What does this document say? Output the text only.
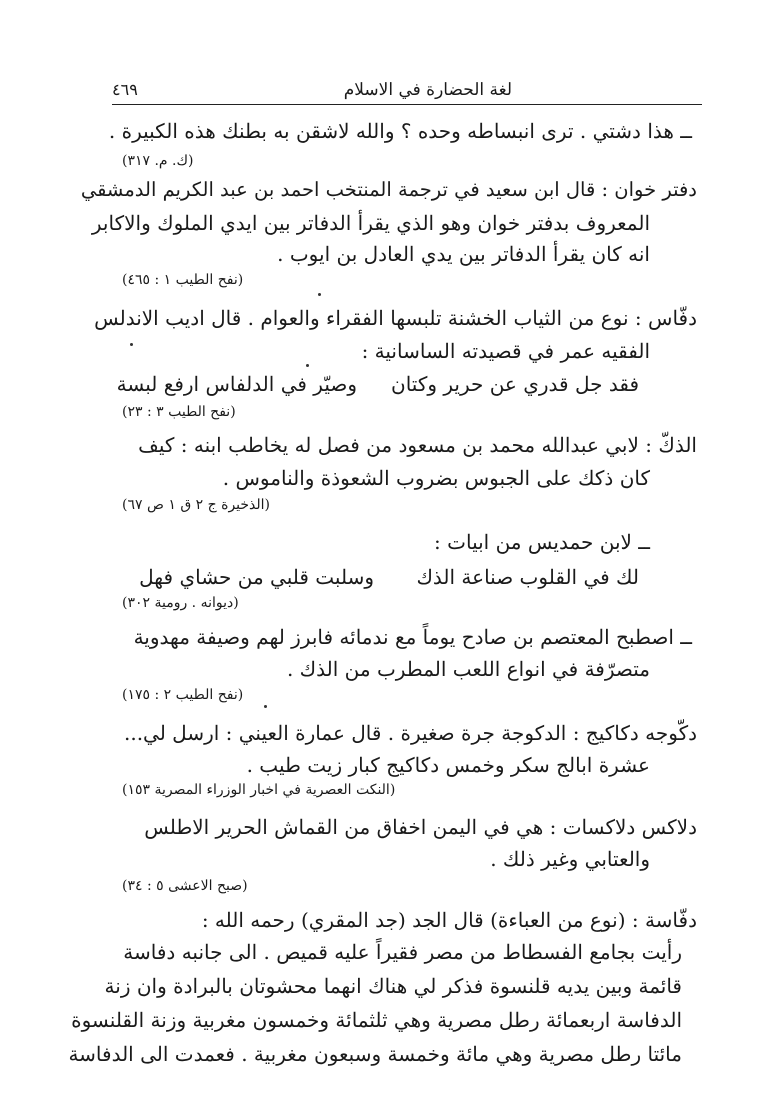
لغة الحضارة في الاسلام
٤٦٩
ــ هذا دشتي . ترى انبساطه وحده ؟ والله لاشقن به بطنك هذه الكبيرة .
(ك. م. ٣١٧)
دفتر خوان : قال ابن سعيد في ترجمة المنتخب احمد بن عبد الكريم الدمشقي
المعروف بدفتر خوان وهو الذي يقرأ الدفاتر بين ايدي الملوك والاكابر
انه كان يقرأ الدفاتر بين يدي العادل بن ايوب .
(نفح الطيب ١ : ٤٦٥)
دفّاس : نوع من الثياب الخشنة تلبسها الفقراء والعوام . قال اديب الاندلس
الفقيه عمر في قصيدته الساسانية :
وصيّر في الدلفاس ارفع لبسة فقد جل قدري عن حرير وكتان
(نفح الطيب ٣ : ٢٣)
الذكّ : لابي عبدالله محمد بن مسعود من فصل له يخاطب ابنه : كيف
كان ذكك على الجبوس بضروب الشعوذة والناموس .
(الذخيرة ج ٢ ق ١ ص ٦٧)
ــ لابن حمديس من ابيات :
وسلبت قلبي من حشاي فهل لك في القلوب صناعة الذك
(ديوانه . رومية ٣٠٢)
ــ اصطبح المعتصم بن صادح يوماً مع ندمائه فابرز لهم وصيفة مهدوية
متصرّفة في انواع اللعب المطرب من الذك .
(نفح الطيب ٢ : ١٧٥)
دكّوجه دكاكيج : الدكوجة جرة صغيرة . قال عمارة العيني : ارسل لي...
عشرة ابالج سكر وخمس دكاكيج كبار زيت طيب .
(النكت العصرية في اخبار الوزراء المصرية ١٥٣)
دلاكس دلاكسات : هي في اليمن اخفاق من القماش الحرير الاطلس
والعتابي وغير ذلك .
(صبح الاعشى ٥ : ٣٤)
دفّاسة : (نوع من العباءة) قال الجد (جد المقري) رحمه الله :
رأيت بجامع الفسطاط من مصر فقيراً عليه قميص . الى جانبه دفاسة
قائمة وبين يديه قلنسوة فذكر لي هناك انهما محشوتان بالبرادة وان زنة
الدفاسة اربعمائة رطل مصرية وهي ثلثمائة وخمسون مغربية وزنة القلنسوة
مائتا رطل مصرية وهي مائة وخمسة وسبعون مغربية . فعمدت الى الدفاسة
